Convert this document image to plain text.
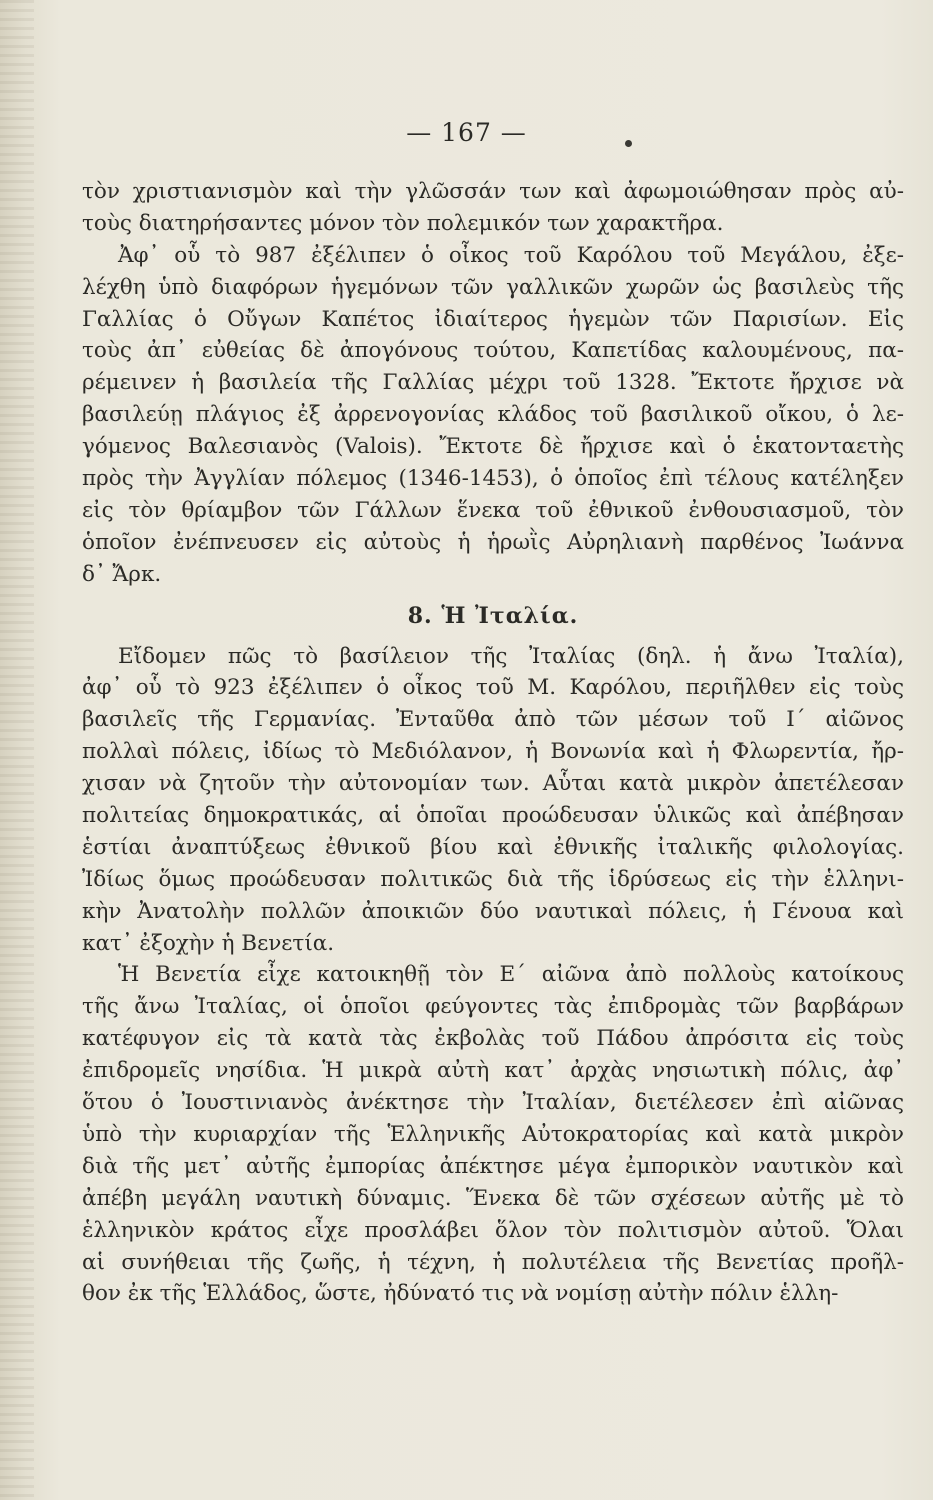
— 167 —
τὸν χριστιανισμὸν καὶ τὴν γλῶσσάν των καὶ ἀφωμοιώθησαν πρὸς αὐ-
τοὺς διατηρήσαντες μόνον τὸν πολεμικόν των χαρακτῆρα.
Ἀφ᾿ οὗ τὸ 987 ἐξέλιπεν ὁ οἶκος τοῦ Καρόλου τοῦ Μεγάλου, ἐξε-
λέχθη ὑπὸ διαφόρων ἡγεμόνων τῶν γαλλικῶν χωρῶν ὡς βασιλεὺς τῆς
Γαλλίας ὁ Οὔγων Καπέτος ἰδιαίτερος ἡγεμὼν τῶν Παρισίων. Εἰς
τοὺς ἀπ᾿ εὐθείας δὲ ἀπογόνους τούτου, Καπετίδας καλουμένους, πα-
ρέμεινεν ἡ βασιλεία τῆς Γαλλίας μέχρι τοῦ 1328. Ἔκτοτε ἤρχισε νὰ
βασιλεύῃ πλάγιος ἐξ ἀρρενογονίας κλάδος τοῦ βασιλικοῦ οἴκου, ὁ λε-
γόμενος Βαλεσιανὸς (Valois). Ἔκτοτε δὲ ἤρχισε καὶ ὁ ἑκατονταετὴς
πρὸς τὴν Ἀγγλίαν πόλεμος (1346-1453), ὁ ὁποῖος ἐπὶ τέλους κατέληξεν
εἰς τὸν θρίαμβον τῶν Γάλλων ἕνεκα τοῦ ἐθνικοῦ ἐνθουσιασμοῦ, τὸν
ὁποῖον ἐνέπνευσεν εἰς αὐτοὺς ἡ ἡρωῒς Αὐρηλιανὴ παρθένος Ἰωάννα
δ᾿ Ἄρκ.
8. Ἡ Ἰταλία.
Εἴδομεν πῶς τὸ βασίλειον τῆς Ἰταλίας (δηλ. ἡ ἄνω Ἰταλία),
ἀφ᾿ οὗ τὸ 923 ἐξέλιπεν ὁ οἶκος τοῦ Μ. Καρόλου, περιῆλθεν εἰς τοὺς
βασιλεῖς τῆς Γερμανίας. Ἐνταῦθα ἀπὸ τῶν μέσων τοῦ Ι΄ αἰῶνος
πολλαὶ πόλεις, ἰδίως τὸ Μεδιόλανον, ἡ Βονωνία καὶ ἡ Φλωρεντία, ἤρ-
χισαν νὰ ζητοῦν τὴν αὐτονομίαν των. Αὗται κατὰ μικρὸν ἀπετέλεσαν
πολιτείας δημοκρατικάς, αἱ ὁποῖαι προώδευσαν ὑλικῶς καὶ ἀπέβησαν
ἑστίαι ἀναπτύξεως ἐθνικοῦ βίου καὶ ἐθνικῆς ἰταλικῆς φιλολογίας.
Ἰδίως ὅμως προώδευσαν πολιτικῶς διὰ τῆς ἱδρύσεως εἰς τὴν ἑλληνι-
κὴν Ἀνατολὴν πολλῶν ἀποικιῶν δύο ναυτικαὶ πόλεις, ἡ Γένουα καὶ
κατ᾿ ἐξοχὴν ἡ Βενετία.
Ἡ Βενετία εἶχε κατοικηθῇ τὸν Ε΄ αἰῶνα ἀπὸ πολλοὺς κατοίκους
τῆς ἄνω Ἰταλίας, οἱ ὁποῖοι φεύγοντες τὰς ἐπιδρομὰς τῶν βαρβάρων
κατέφυγον εἰς τὰ κατὰ τὰς ἐκβολὰς τοῦ Πάδου ἀπρόσιτα εἰς τοὺς
ἐπιδρομεῖς νησίδια. Ἡ μικρὰ αὐτὴ κατ᾿ ἀρχὰς νησιωτικὴ πόλις, ἀφ᾿
ὅτου ὁ Ἰουστινιανὸς ἀνέκτησε τὴν Ἰταλίαν, διετέλεσεν ἐπὶ αἰῶνας
ὑπὸ τὴν κυριαρχίαν τῆς Ἑλληνικῆς Αὐτοκρατορίας καὶ κατὰ μικρὸν
διὰ τῆς μετ᾿ αὐτῆς ἐμπορίας ἀπέκτησε μέγα ἐμπορικὸν ναυτικὸν καὶ
ἀπέβη μεγάλη ναυτικὴ δύναμις. Ἕνεκα δὲ τῶν σχέσεων αὐτῆς μὲ τὸ
ἑλληνικὸν κράτος εἶχε προσλάβει ὅλον τὸν πολιτισμὸν αὐτοῦ. Ὅλαι
αἱ συνήθειαι τῆς ζωῆς, ἡ τέχνη, ἡ πολυτέλεια τῆς Βενετίας προῆλ-
θον ἐκ τῆς Ἑλλάδος, ὥστε, ἠδύνατό τις νὰ νομίσῃ αὐτὴν πόλιν ἑλλη-
